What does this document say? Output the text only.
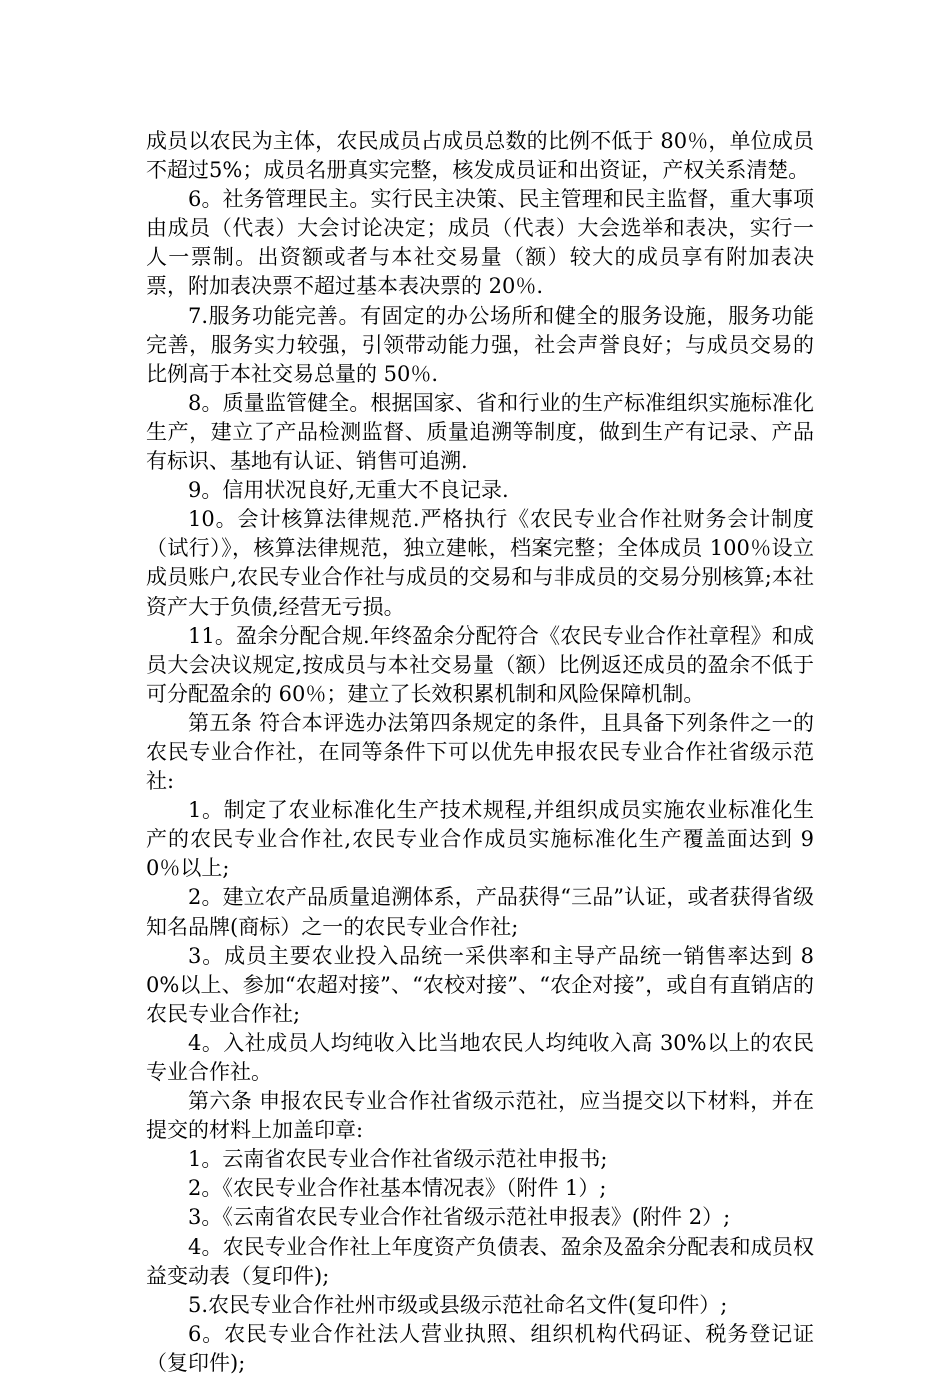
成员以农民为主体，农民成员占成员总数的比例不低于 80％，单位成员不超过5%；成员名册真实完整，核发成员证和出资证，产权关系清楚。

6。社务管理民主。实行民主决策、民主管理和民主监督，重大事项由成员（代表）大会讨论决定；成员（代表）大会选举和表决，实行一人一票制。出资额或者与本社交易量（额）较大的成员享有附加表决票，附加表决票不超过基本表决票的 20％.

7.服务功能完善。有固定的办公场所和健全的服务设施，服务功能完善，服务实力较强，引领带动能力强，社会声誉良好；与成员交易的比例高于本社交易总量的 50％.

8。质量监管健全。根据国家、省和行业的生产标准组织实施标准化生产，建立了产品检测监督、质量追溯等制度，做到生产有记录、产品有标识、基地有认证、销售可追溯.

9。信用状况良好,无重大不良记录.

10。会计核算法律规范.严格执行《农民专业合作社财务会计制度（试行）》，核算法律规范，独立建帐，档案完整；全体成员 100％设立成员账户,农民专业合作社与成员的交易和与非成员的交易分别核算;本社资产大于负债,经营无亏损。

11。盈余分配合规.年终盈余分配符合《农民专业合作社章程》和成员大会决议规定,按成员与本社交易量（额）比例返还成员的盈余不低于可分配盈余的 60％；建立了长效积累机制和风险保障机制。

第五条 符合本评选办法第四条规定的条件，且具备下列条件之一的农民专业合作社，在同等条件下可以优先申报农民专业合作社省级示范社:

1。制定了农业标准化生产技术规程,并组织成员实施农业标准化生产的农民专业合作社,农民专业合作成员实施标准化生产覆盖面达到 90％以上;

2。建立农产品质量追溯体系，产品获得“三品”认证，或者获得省级知名品牌(商标）之一的农民专业合作社;

3。成员主要农业投入品统一采供率和主导产品统一销售率达到 80%以上、参加“农超对接”、“农校对接”、“农企对接”，或自有直销店的农民专业合作社;

4。入社成员人均纯收入比当地农民人均纯收入高 30%以上的农民专业合作社。

第六条 申报农民专业合作社省级示范社，应当提交以下材料，并在提交的材料上加盖印章:

1。云南省农民专业合作社省级示范社申报书;

2。《农民专业合作社基本情况表》（附件 1）;

3。《云南省农民专业合作社省级示范社申报表》(附件 2）;

4。农民专业合作社上年度资产负债表、盈余及盈余分配表和成员权益变动表（复印件);

5.农民专业合作社州市级或县级示范社命名文件(复印件）;

6。农民专业合作社法人营业执照、组织机构代码证、税务登记证（复印件);
